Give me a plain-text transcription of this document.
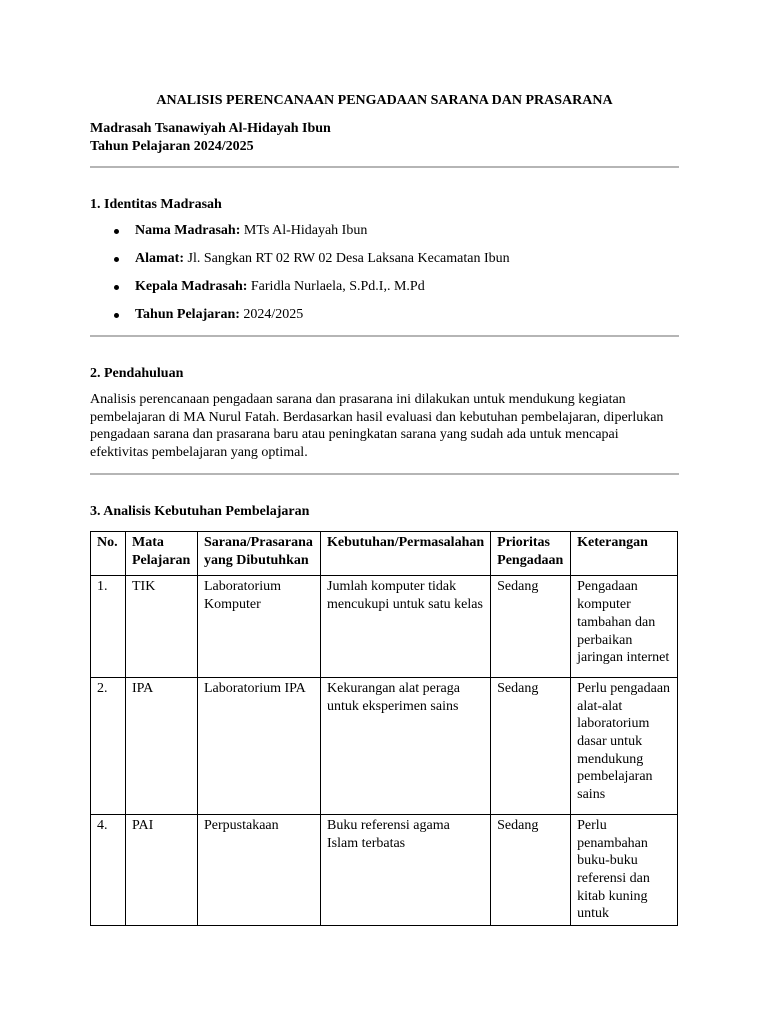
ANALISIS PERENCANAAN PENGADAAN SARANA DAN PRASARANA
Madrasah Tsanawiyah Al-Hidayah Ibun
Tahun Pelajaran 2024/2025
1. Identitas Madrasah
Nama Madrasah: MTs Al-Hidayah Ibun
Alamat: Jl. Sangkan RT 02 RW 02 Desa Laksana Kecamatan Ibun
Kepala Madrasah: Faridla Nurlaela, S.Pd.I,. M.Pd
Tahun Pelajaran: 2024/2025
2. Pendahuluan
Analisis perencanaan pengadaan sarana dan prasarana ini dilakukan untuk mendukung kegiatan pembelajaran di MA Nurul Fatah. Berdasarkan hasil evaluasi dan kebutuhan pembelajaran, diperlukan pengadaan sarana dan prasarana baru atau peningkatan sarana yang sudah ada untuk mencapai efektivitas pembelajaran yang optimal.
3. Analisis Kebutuhan Pembelajaran
No.	Mata Pelajaran	Sarana/Prasarana yang Dibutuhkan	Kebutuhan/Permasalahan	Prioritas Pengadaan	Keterangan
1.	TIK	Laboratorium Komputer	Jumlah komputer tidak mencukupi untuk satu kelas	Sedang	Pengadaan komputer tambahan dan perbaikan jaringan internet
2.	IPA	Laboratorium IPA	Kekurangan alat peraga untuk eksperimen sains	Sedang	Perlu pengadaan alat-alat laboratorium dasar untuk mendukung pembelajaran sains
4.	PAI	Perpustakaan	Buku referensi agama Islam terbatas	Sedang	Perlu penambahan buku-buku referensi dan kitab kuning untuk
